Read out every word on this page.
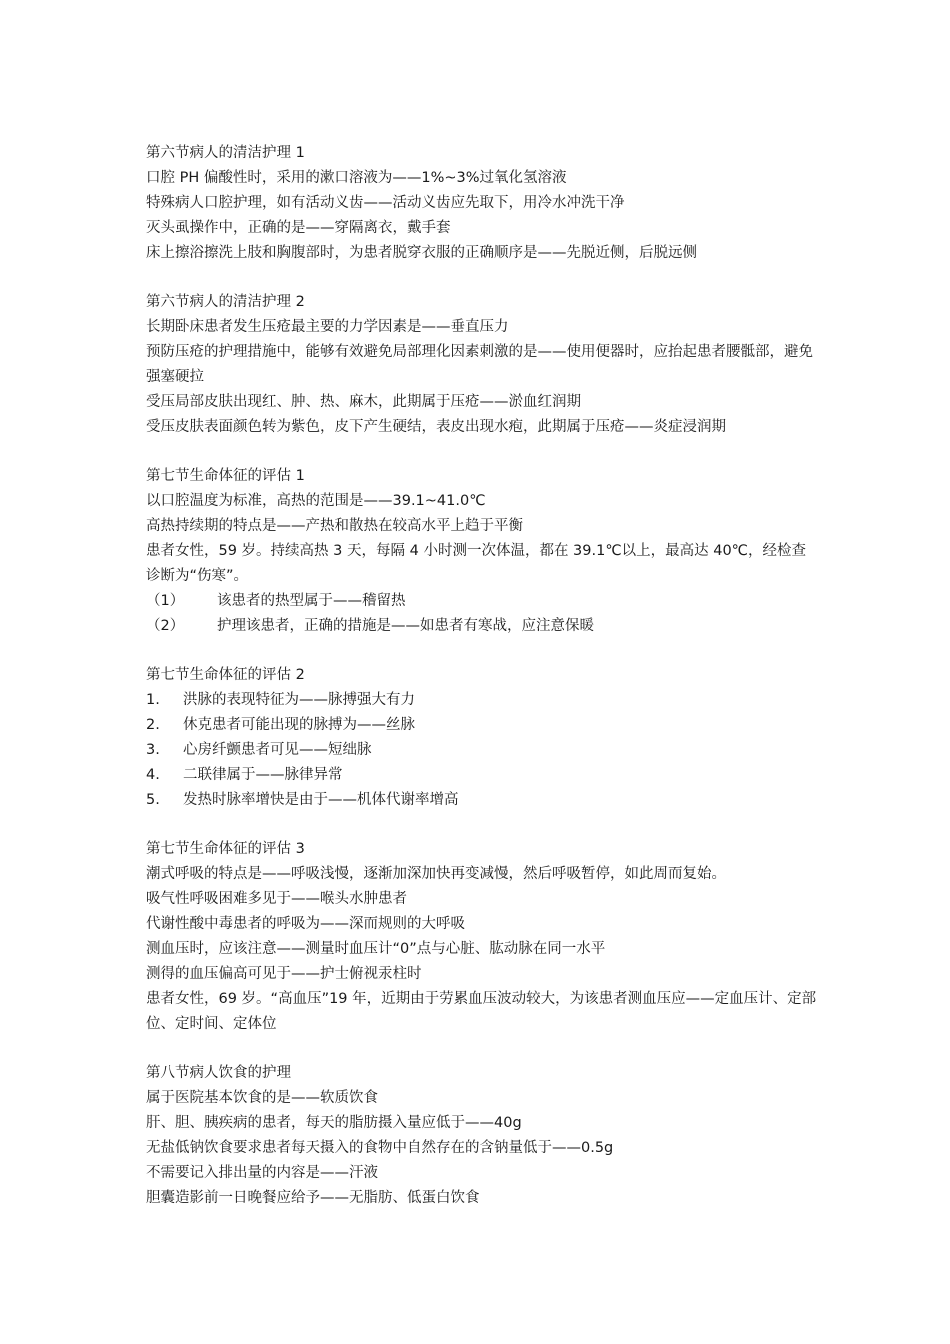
第六节病人的清洁护理 1
口腔 PH 偏酸性时，采用的漱口溶液为——1%~3%过氧化氢溶液
特殊病人口腔护理，如有活动义齿——活动义齿应先取下，用冷水冲洗干净
灭头虱操作中，正确的是——穿隔离衣，戴手套
床上擦浴擦洗上肢和胸腹部时，为患者脱穿衣服的正确顺序是——先脱近侧，后脱远侧
第六节病人的清洁护理 2
长期卧床患者发生压疮最主要的力学因素是——垂直压力
预防压疮的护理措施中，能够有效避免局部理化因素刺激的是——使用便器时，应抬起患者腰骶部，避免强塞硬拉
受压局部皮肤出现红、肿、热、麻木，此期属于压疮——淤血红润期
受压皮肤表面颜色转为紫色，皮下产生硬结，表皮出现水疱，此期属于压疮——炎症浸润期
第七节生命体征的评估 1
以口腔温度为标准，高热的范围是——39.1~41.0℃
高热持续期的特点是——产热和散热在较高水平上趋于平衡
患者女性，59 岁。持续高热 3 天，每隔 4 小时测一次体温，都在 39.1℃以上，最高达 40℃，经检查诊断为“伤寒”。
（1）	该患者的热型属于——稽留热
（2）	护理该患者，正确的措施是——如患者有寒战，应注意保暖
第七节生命体征的评估 2
1.	洪脉的表现特征为——脉搏强大有力
2.	休克患者可能出现的脉搏为——丝脉
3.	心房纤颤患者可见——短绌脉
4.	二联律属于——脉律异常
5.	发热时脉率增快是由于——机体代谢率增高
第七节生命体征的评估 3
潮式呼吸的特点是——呼吸浅慢，逐渐加深加快再变减慢，然后呼吸暂停，如此周而复始。
吸气性呼吸困难多见于——喉头水肿患者
代谢性酸中毒患者的呼吸为——深而规则的大呼吸
测血压时，应该注意——测量时血压计“0”点与心脏、肱动脉在同一水平
测得的血压偏高可见于——护士俯视汞柱时
患者女性，69 岁。“高血压”19 年，近期由于劳累血压波动较大，为该患者测血压应——定血压计、定部位、定时间、定体位
第八节病人饮食的护理
属于医院基本饮食的是——软质饮食
肝、胆、胰疾病的患者，每天的脂肪摄入量应低于——40g
无盐低钠饮食要求患者每天摄入的食物中自然存在的含钠量低于——0.5g
不需要记入排出量的内容是——汗液
胆囊造影前一日晚餐应给予——无脂肪、低蛋白饮食
